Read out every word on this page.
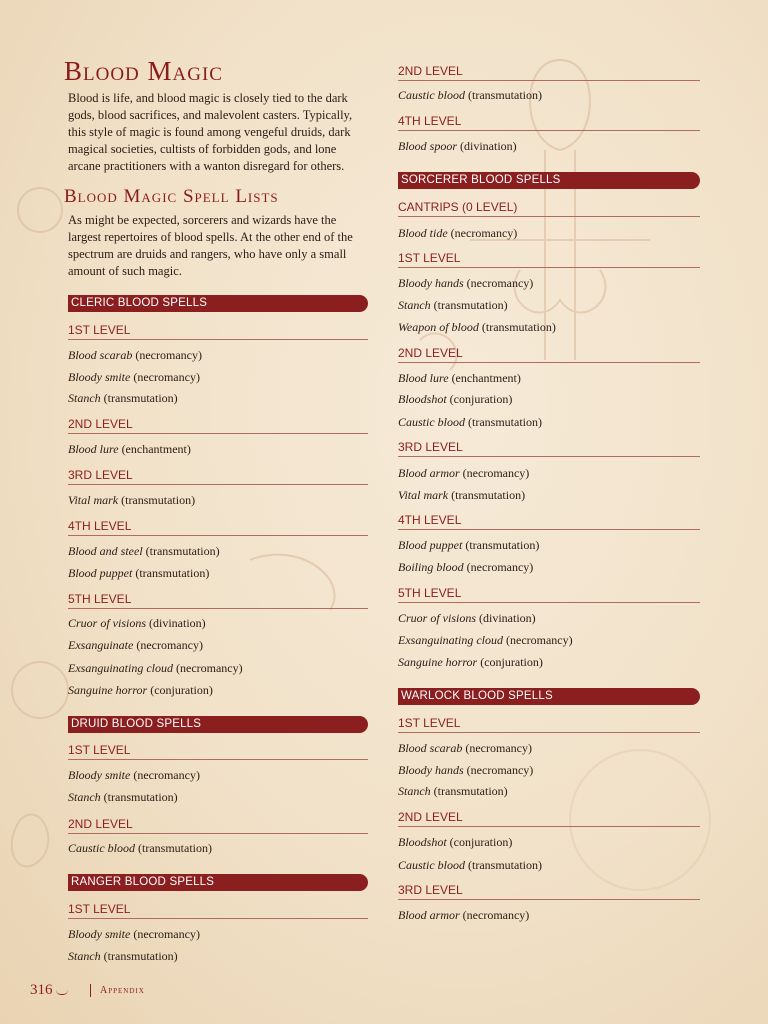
Blood Magic

Blood is life, and blood magic is closely tied to the dark gods, blood sacrifices, and malevolent casters. Typically, this style of magic is found among vengeful druids, dark magical societies, cultists of forbidden gods, and lone arcane practitioners with a wanton disregard for others.

Blood Magic Spell Lists

As might be expected, sorcerers and wizards have the largest repertoires of blood spells. At the other end of the spectrum are druids and rangers, who have only a small amount of such magic.

CLERIC BLOOD SPELLS
1ST LEVEL
Blood scarab (necromancy)
Bloody smite (necromancy)
Stanch (transmutation)
2ND LEVEL
Blood lure (enchantment)
3RD LEVEL
Vital mark (transmutation)
4TH LEVEL
Blood and steel (transmutation)
Blood puppet (transmutation)
5TH LEVEL
Cruor of visions (divination)
Exsanguinate (necromancy)
Exsanguinating cloud (necromancy)
Sanguine horror (conjuration)
DRUID BLOOD SPELLS
1ST LEVEL
Bloody smite (necromancy)
Stanch (transmutation)
2ND LEVEL
Caustic blood (transmutation)
RANGER BLOOD SPELLS
1ST LEVEL
Bloody smite (necromancy)
Stanch (transmutation)
2ND LEVEL
Caustic blood (transmutation)
4TH LEVEL
Blood spoor (divination)
SORCERER BLOOD SPELLS
CANTRIPS (0 LEVEL)
Blood tide (necromancy)
1ST LEVEL
Bloody hands (necromancy)
Stanch (transmutation)
Weapon of blood (transmutation)
2ND LEVEL
Blood lure (enchantment)
Bloodshot (conjuration)
Caustic blood (transmutation)
3RD LEVEL
Blood armor (necromancy)
Vital mark (transmutation)
4TH LEVEL
Blood puppet (transmutation)
Boiling blood (necromancy)
5TH LEVEL
Cruor of visions (divination)
Exsanguinating cloud (necromancy)
Sanguine horror (conjuration)
WARLOCK BLOOD SPELLS
1ST LEVEL
Blood scarab (necromancy)
Bloody hands (necromancy)
Stanch (transmutation)
2ND LEVEL
Bloodshot (conjuration)
Caustic blood (transmutation)
3RD LEVEL
Blood armor (necromancy)
316	Appendix
